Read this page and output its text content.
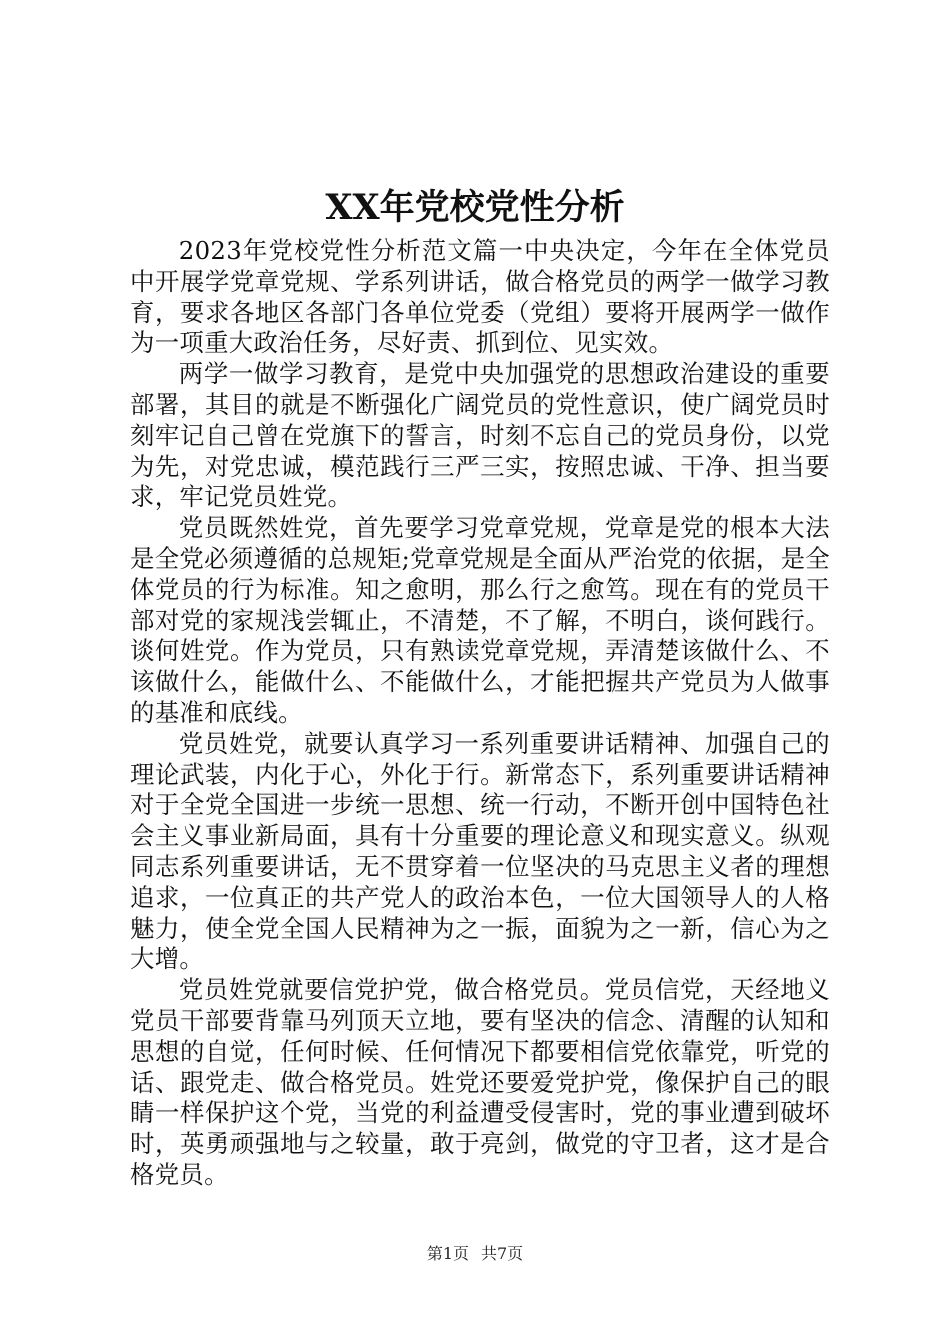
XX年党校党性分析

2023年党校党性分析范文篇一中央决定，今年在全体党员中开展学党章党规、学系列讲话，做合格党员的两学一做学习教育，要求各地区各部门各单位党委（党组）要将开展两学一做作为一项重大政治任务，尽好责、抓到位、见实效。

两学一做学习教育，是党中央加强党的思想政治建设的重要部署，其目的就是不断强化广阔党员的党性意识，使广阔党员时刻牢记自己曾在党旗下的誓言，时刻不忘自己的党员身份，以党为先，对党忠诚，模范践行三严三实，按照忠诚、干净、担当要求，牢记党员姓党。

党员既然姓党，首先要学习党章党规，党章是党的根本大法是全党必须遵循的总规矩;党章党规是全面从严治党的依据，是全体党员的行为标准。知之愈明，那么行之愈笃。现在有的党员干部对党的家规浅尝辄止，不清楚，不了解，不明白，谈何践行。谈何姓党。作为党员，只有熟读党章党规，弄清楚该做什么、不该做什么，能做什么、不能做什么，才能把握共产党员为人做事的基准和底线。

党员姓党，就要认真学习一系列重要讲话精神、加强自己的理论武装，内化于心，外化于行。新常态下，系列重要讲话精神对于全党全国进一步统一思想、统一行动，不断开创中国特色社会主义事业新局面，具有十分重要的理论意义和现实意义。纵观同志系列重要讲话，无不贯穿着一位坚决的马克思主义者的理想追求，一位真正的共产党人的政治本色，一位大国领导人的人格魅力，使全党全国人民精神为之一振，面貌为之一新，信心为之大增。

党员姓党就要信党护党，做合格党员。党员信党，天经地义党员干部要背靠马列顶天立地，要有坚决的信念、清醒的认知和思想的自觉，任何时候、任何情况下都要相信党依靠党，听党的话、跟党走、做合格党员。姓党还要爱党护党，像保护自己的眼睛一样保护这个党，当党的利益遭受侵害时，党的事业遭到破坏时，英勇顽强地与之较量，敢于亮剑，做党的守卫者，这才是合格党员。

第1页 共7页
